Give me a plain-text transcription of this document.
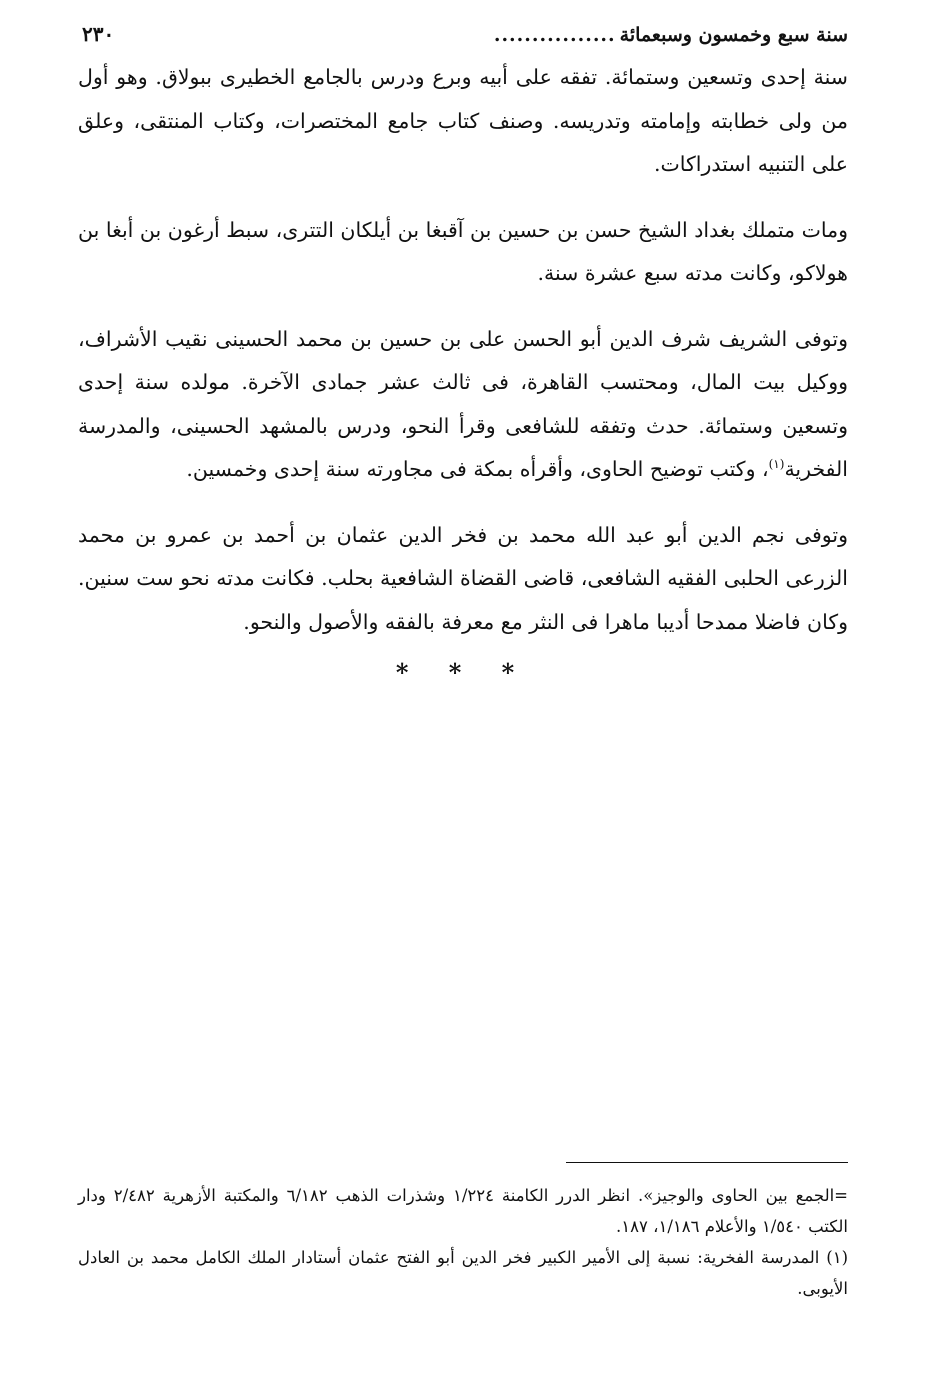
سنة سبع وخمسون وسبعمائة
................
٢٣٠

سنة إحدى وتسعين وستمائة. تفقه على أبيه وبرع ودرس بالجامع الخطيرى ببولاق. وهو أول من ولى خطابته وإمامته وتدريسه. وصنف كتاب جامع المختصرات، وكتاب المنتقى، وعلق على التنبيه استدراكات.

ومات متملك بغداد الشيخ حسن بن حسين بن آقبغا بن أيلكان التترى، سبط أرغون بن أبغا بن هولاكو، وكانت مدته سبع عشرة سنة.

وتوفى الشريف شرف الدين أبو الحسن على بن حسين بن محمد الحسينى نقيب الأشراف، ووكيل بيت المال، ومحتسب القاهرة، فى ثالث عشر جمادى الآخرة. مولده سنة إحدى وتسعين وستمائة. حدث وتفقه للشافعى وقرأ النحو، ودرس بالمشهد الحسينى، والمدرسة الفخرية$^{(١)}$، وكتب توضيح الحاوى، وأقرأه بمكة فى مجاورته سنة إحدى وخمسين.

وتوفى نجم الدين أبو عبد الله محمد بن فخر الدين عثمان بن أحمد بن عمرو بن محمد الزرعى الحلبى الفقيه الشافعى، قاضى القضاة الشافعية بحلب. فكانت مدته نحو ست سنين. وكان فاضلا ممدحا أديبا ماهرا فى النثر مع معرفة بالفقه والأصول والنحو.

* * *

=الجمع بين الحاوى والوجيز». انظر الدرر الكامنة ١/٢٢٤ وشذرات الذهب ٦/١٨٢ والمكتبة الأزهرية ٢/٤٨٢ ودار الكتب ١/٥٤٠ والأعلام ١/١٨٦، ١٨٧.

(١) المدرسة الفخرية: نسبة إلى الأمير الكبير فخر الدين أبو الفتح عثمان أستادار الملك الكامل محمد بن العادل الأيوبى.
